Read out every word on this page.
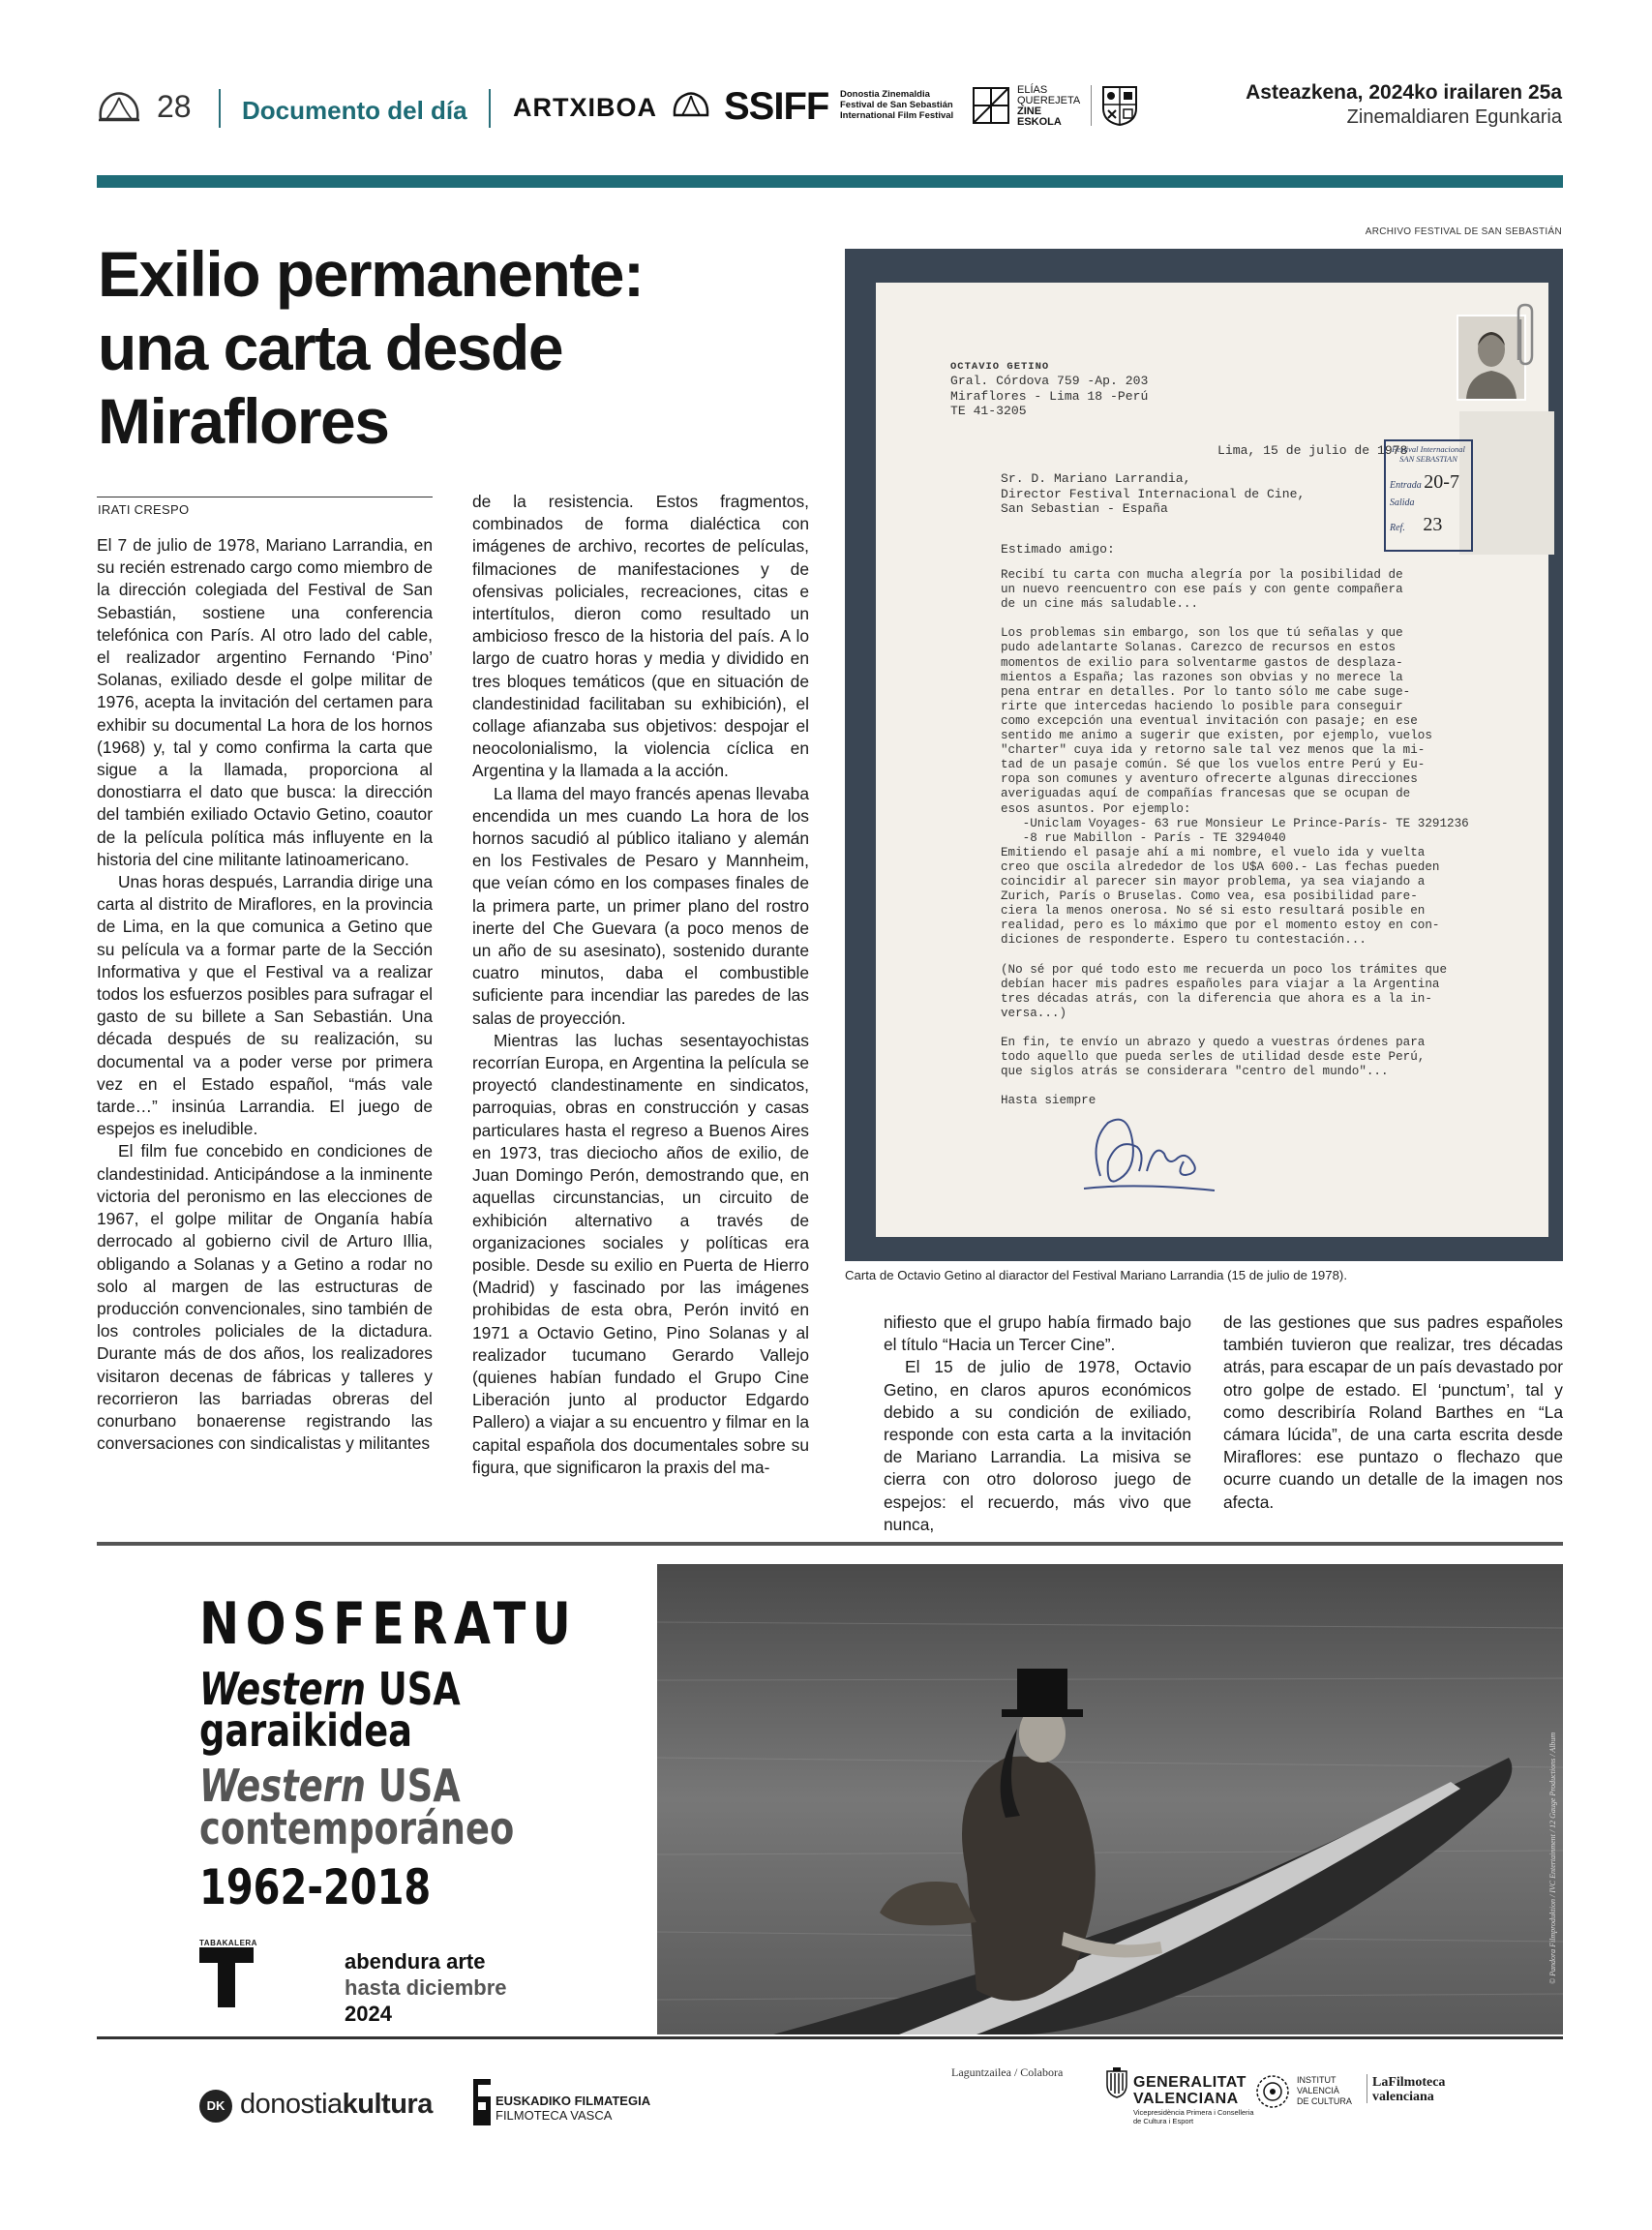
28 Documento del día ARTXIBOA SSIFF Donostia Zinemaldia
Festival de San Sebastián
International Film Festival
ELÍAS
QUEREJETA
ZINE
ESKOLA
Asteazkena, 2024ko irailaren 25a
Zinemaldiaren Egunkaria
ARCHIVO FESTIVAL DE SAN SEBASTIÁN
Exilio permanente:
una carta desde
Miraflores
IRATI CRESPO

El 7 de julio de 1978, Mariano Larrandia, en su recién estrenado cargo como miembro de la dirección colegiada del Festival de San Sebastián, sostiene una conferencia telefónica con París. Al otro lado del cable, el realizador argentino Fernando ‘Pino’ Solanas, exiliado desde el golpe militar de 1976, acepta la invitación del certamen para exhibir su documental La hora de los hornos (1968) y, tal y como confirma la carta que sigue a la llamada, proporciona al donostiarra el dato que busca: la dirección del también exiliado Octavio Getino, coautor de la película política más influyente en la historia del cine militante latinoamericano.

Unas horas después, Larrandia dirige una carta al distrito de Miraflores, en la provincia de Lima, en la que comunica a Getino que su película va a formar parte de la Sección Informativa y que el Festival va a realizar todos los esfuerzos posibles para sufragar el gasto de su billete a San Sebastián. Una década después de su realización, su documental va a poder verse por primera vez en el Estado español, “más vale tarde…” insinúa Larrandia. El juego de espejos es ineludible.

El film fue concebido en condiciones de clandestinidad. Anticipándose a la inminente victoria del peronismo en las elecciones de 1967, el golpe militar de Onganía había derrocado al gobierno civil de Arturo Illia, obligando a Solanas y a Getino a rodar no solo al margen de las estructuras de producción convencionales, sino también de los controles policiales de la dictadura. Durante más de dos años, los realizadores visitaron decenas de fábricas y talleres y recorrieron las barriadas obreras del conurbano bonaerense registrando las conversaciones con sindicalistas y militantes

de la resistencia. Estos fragmentos, combinados de forma dialéctica con imágenes de archivo, recortes de películas, filmaciones de manifestaciones y de ofensivas policiales, recreaciones, citas e intertítulos, dieron como resultado un ambicioso fresco de la historia del país. A lo largo de cuatro horas y media y dividido en tres bloques temáticos (que en situación de clandestinidad facilitaban su exhibición), el collage afianzaba sus objetivos: despojar el neocolonialismo, la violencia cíclica en Argentina y la llamada a la acción.

La llama del mayo francés apenas llevaba encendida un mes cuando La hora de los hornos sacudió al público italiano y alemán en los Festivales de Pesaro y Mannheim, que veían cómo en los compases finales de la primera parte, un primer plano del rostro inerte del Che Guevara (a poco menos de un año de su asesinato), sostenido durante cuatro minutos, daba el combustible suficiente para incendiar las paredes de las salas de proyección.

Mientras las luchas sesentayochistas recorrían Europa, en Argentina la película se proyectó clandestinamente en sindicatos, parroquias, obras en construcción y casas particulares hasta el regreso a Buenos Aires en 1973, tras dieciocho años de exilio, de Juan Domingo Perón, demostrando que, en aquellas circunstancias, un circuito de exhibición alternativo a través de organizaciones sociales y políticas era posible. Desde su exilio en Puerta de Hierro (Madrid) y fascinado por las imágenes prohibidas de esta obra, Perón invitó en 1971 a Octavio Getino, Pino Solanas y al realizador tucumano Gerardo Vallejo (quienes habían fundado el Grupo Cine Liberación junto al productor Edgardo Pallero) a viajar a su encuentro y filmar en la capital española dos documentales sobre su figura, que significaron la praxis del ma-

nifiesto que el grupo había firmado bajo el título “Hacia un Tercer Cine”.

El 15 de julio de 1978, Octavio Getino, en claros apuros económicos debido a su condición de exiliado, responde con esta carta a la invitación de Mariano Larrandia. La misiva se cierra con otro doloroso juego de espejos: el recuerdo, más vivo que nunca,

de las gestiones que sus padres españoles también tuvieron que realizar, tres décadas atrás, para escapar de un país devastado por otro golpe de estado. El ‘punctum’, tal y como describiría Roland Barthes en “La cámara lúcida”, de una carta escrita desde Miraflores: ese puntazo o flechazo que ocurre cuando un detalle de la imagen nos afecta.

OCTAVIO GETINO
Gral. Córdova 759 -Ap. 203
Miraflores - Lima 18 -Perú
TE 41-3205
Lima, 15 de julio de 1978
Festival Internacional
SAN SEBASTIAN
Entrada 20-7
Salida
Ref. 23
Sr. D. Mariano Larrandia,
Director Festival Internacional de Cine,
San Sebastian - España
Estimado amigo:
Recibí tu carta con mucha alegría por la posibilidad de
un nuevo reencuentro con ese país y con gente compañera
de un cine más saludable...

Los problemas sin embargo, son los que tú señalas y que
pudo adelantarte Solanas. Carezco de recursos en estos
momentos de exilio para solventarme gastos de desplaza-
mientos a España; las razones son obvias y no merece la
pena entrar en detalles. Por lo tanto sólo me cabe suge-
rirte que intercedas haciendo lo posible para conseguir
como excepción una eventual invitación con pasaje; en ese
sentido me animo a sugerir que existen, por ejemplo, vuelos
"charter" cuya ida y retorno sale tal vez menos que la mi-
tad de un pasaje común. Sé que los vuelos entre Perú y Eu-
ropa son comunes y aventuro ofrecerte algunas direcciones
averiguadas aquí de compañías francesas que se ocupan de
esos asuntos. Por ejemplo:
-Uniclam Voyages- 63 rue Monsieur Le Prince-París- TE 3291236
-8 rue Mabillon - París - TE 3294040
Emitiendo el pasaje ahí a mi nombre, el vuelo ida y vuelta
creo que oscila alrededor de los U$A 600.- Las fechas pueden
coincidir al parecer sin mayor problema, ya sea viajando a
Zurich, París o Bruselas. Como vea, esa posibilidad pare-
ciera la menos onerosa. No sé si esto resultará posible en
realidad, pero es lo máximo que por el momento estoy en con-
diciones de responderte. Espero tu contestación...

(No sé por qué todo esto me recuerda un poco los trámites que
debían hacer mis padres españoles para viajar a la Argentina
tres décadas atrás, con la diferencia que ahora es a la in-
versa...)

En fin, te envío un abrazo y quedo a vuestras órdenes para
todo aquello que pueda serles de utilidad desde este Perú,
que siglos atrás se considerara "centro del mundo"...

Hasta siempre
Carta de Octavio Getino al diaractor del Festival Mariano Larrandia (15 de julio de 1978).
NOSFERATU
Western USA
garaikidea
Western USA
contemporáneo
1962-2018
TABAKALERA
abendura arte
hasta diciembre
2024
© Pandora Filmproduktion / IVC Entertainment / 12 Gauge Productions / Album
DK donostiakultura	EUSKADIKO FILMATEGIA
FILMOTECA VASCA
Laguntzailea / Colabora
GENERALITAT
VALENCIANA
Vicepresidència Primera i Conselleria de Cultura i Esport
INSTITUT
VALENCIÀ
DE CULTURA
LaFilmoteca
valenciana
